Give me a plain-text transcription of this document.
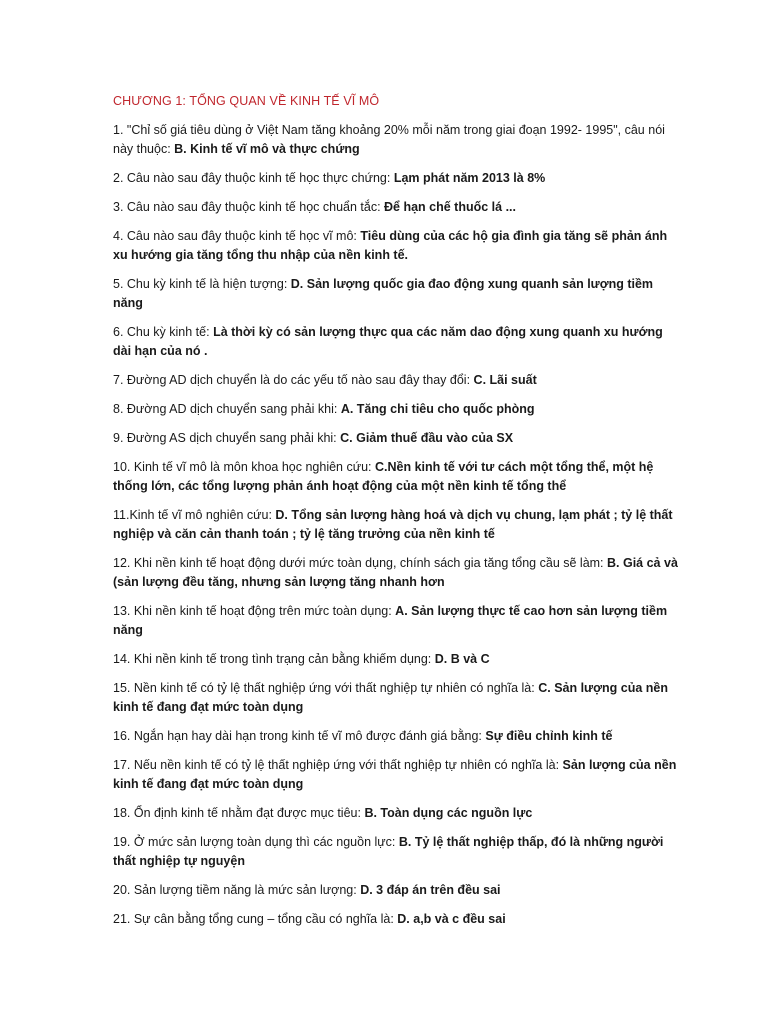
CHƯƠNG 1: TỔNG QUAN VỀ KINH TẾ VĨ MÔ

1. "Chỉ số giá tiêu dùng ở Việt Nam tăng khoảng 20% mỗi năm trong giai đoạn 1992- 1995", câu nói này thuộc: B. Kinh tế vĩ mô và thực chứng

2. Câu nào sau đây thuộc kinh tế học thực chứng: Lạm phát năm 2013 là 8%

3. Câu nào sau đây thuộc kinh tế học chuẩn tắc: Để hạn chế thuốc lá ...

4. Câu nào sau đây thuộc kinh tế học vĩ mô: Tiêu dùng của các hộ gia đình gia tăng sẽ phản ánh xu hướng gia tăng tổng thu nhập của nền kinh tế.

5. Chu kỳ kinh tế là hiện tượng: D. Sản lượng quốc gia đao động xung quanh sản lượng tiềm năng

6. Chu kỳ kinh tế: Là thời kỳ có sản lượng thực qua các năm dao động xung quanh xu hướng dài hạn của nó .

7. Đường AD dịch chuyển là do các yếu tố nào sau đây thay đổi: C. Lãi suất

8. Đường AD dịch chuyển sang phải khi: A. Tăng chi tiêu cho quốc phòng

9. Đường AS dịch chuyển sang phải khi: C. Giảm thuế đầu vào của SX

10. Kinh tế vĩ mô là môn khoa học nghiên cứu: C.Nền kinh tế với tư cách một tổng thể, một hệ thống lớn, các tổng lượng phản ánh hoạt động của một nền kinh tế tổng thể

11.Kinh tế vĩ mô nghiên cứu: D. Tổng sản lượng hàng hoá và dịch vụ chung, lạm phát ; tỷ lệ thất nghiệp và căn cản thanh toán ; tỷ lệ tăng trưởng của nền kinh tế

12. Khi nền kinh tế hoạt động dưới mức toàn dụng, chính sách gia tăng tổng cầu sẽ làm: B. Giá cả và (sản lượng đều tăng, nhưng sản lượng tăng nhanh hơn

13. Khi nền kinh tế hoạt động trên mức toàn dụng: A. Sản lượng thực tế cao hơn sản lượng tiềm năng

14. Khi nền kinh tế trong tình trạng cản bằng khiếm dụng: D. B và C

15. Nền kinh tế có tỷ lệ thất nghiệp ứng với thất nghiệp tự nhiên có nghĩa là: C. Sản lượng của nền kinh tế đang đạt mức toàn dụng

16. Ngắn hạn hay dài hạn trong kinh tế vĩ mô được đánh giá bằng: Sự điều chỉnh kinh tế

17. Nếu nền kinh tế có tỷ lệ thất nghiệp ứng với thất nghiệp tự nhiên có nghĩa là: Sản lượng của nền kinh tế đang đạt mức toàn dụng

18. Ổn định kinh tế nhằm đạt được mục tiêu: B. Toàn dụng các nguồn lực

19. Ở mức sản lượng toàn dụng thì các nguồn lực: B. Tỷ lệ thất nghiệp thấp, đó là những người thất nghiệp tự nguyện

20. Sản lượng tiềm năng là mức sản lượng: D. 3 đáp án trên đều sai

21. Sự cân bằng tổng cung – tổng cầu có nghĩa là: D. a,b và c đều sai
